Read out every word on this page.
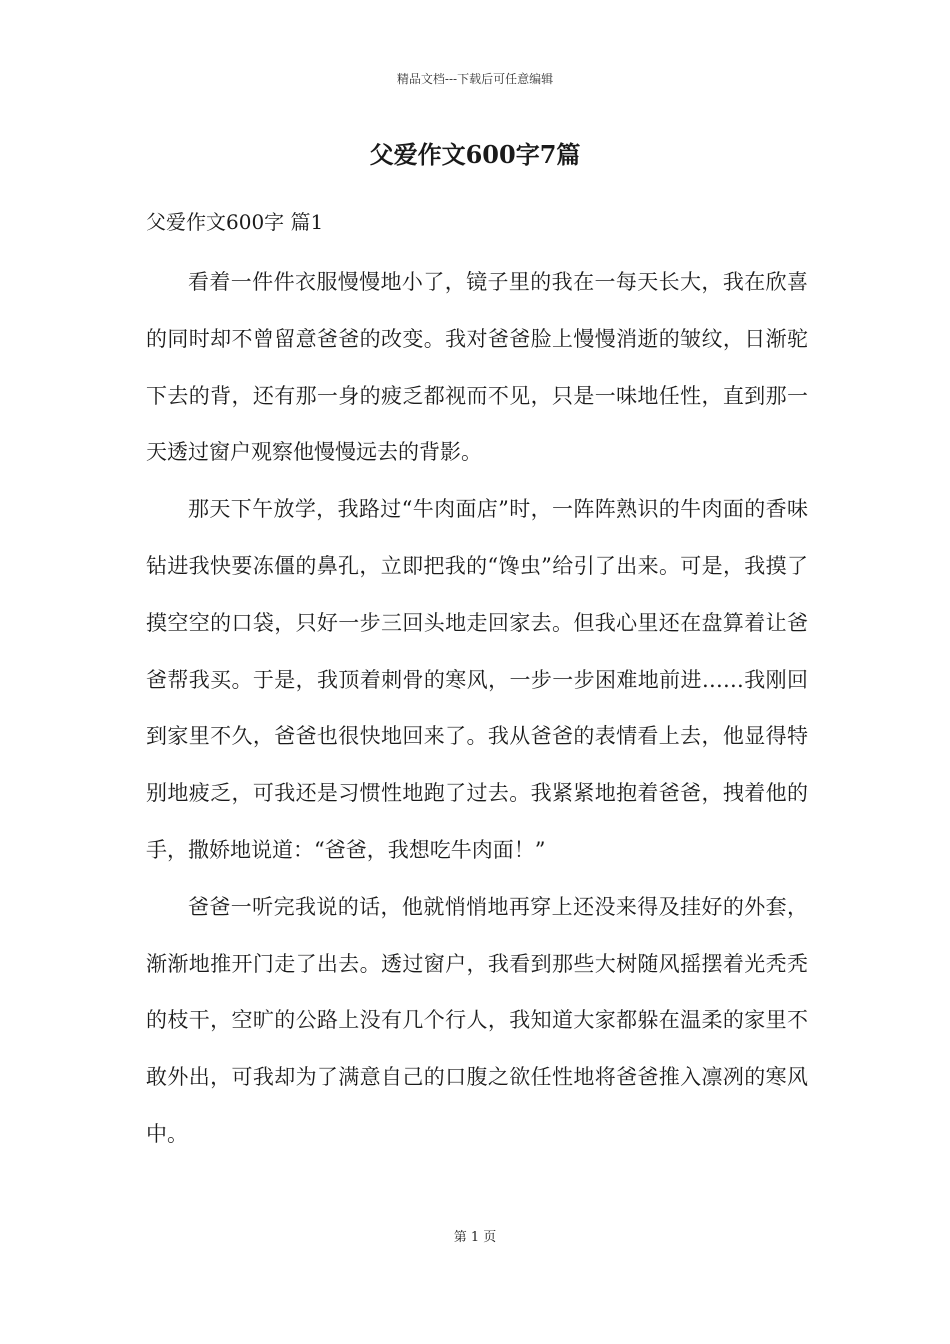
精品文档---下载后可任意编辑
父爱作文600字7篇
父爱作文600字 篇1

看着一件件衣服慢慢地小了，镜子里的我在一每天长大，我在欣喜的同时却不曾留意爸爸的改变。我对爸爸脸上慢慢消逝的皱纹，日渐驼下去的背，还有那一身的疲乏都视而不见，只是一味地任性，直到那一天透过窗户观察他慢慢远去的背影。

那天下午放学，我路过“牛肉面店”时，一阵阵熟识的牛肉面的香味钻进我快要冻僵的鼻孔，立即把我的“馋虫”给引了出来。可是，我摸了摸空空的口袋，只好一步三回头地走回家去。但我心里还在盘算着让爸爸帮我买。于是，我顶着刺骨的寒风，一步一步困难地前进……我刚回到家里不久，爸爸也很快地回来了。我从爸爸的表情看上去，他显得特别地疲乏，可我还是习惯性地跑了过去。我紧紧地抱着爸爸，拽着他的手，撒娇地说道：“爸爸，我想吃牛肉面！”

爸爸一听完我说的话，他就悄悄地再穿上还没来得及挂好的外套，渐渐地推开门走了出去。透过窗户，我看到那些大树随风摇摆着光秃秃的枝干，空旷的公路上没有几个行人，我知道大家都躲在温柔的家里不敢外出，可我却为了满意自己的口腹之欲任性地将爸爸推入凛冽的寒风中。

第 1 页
